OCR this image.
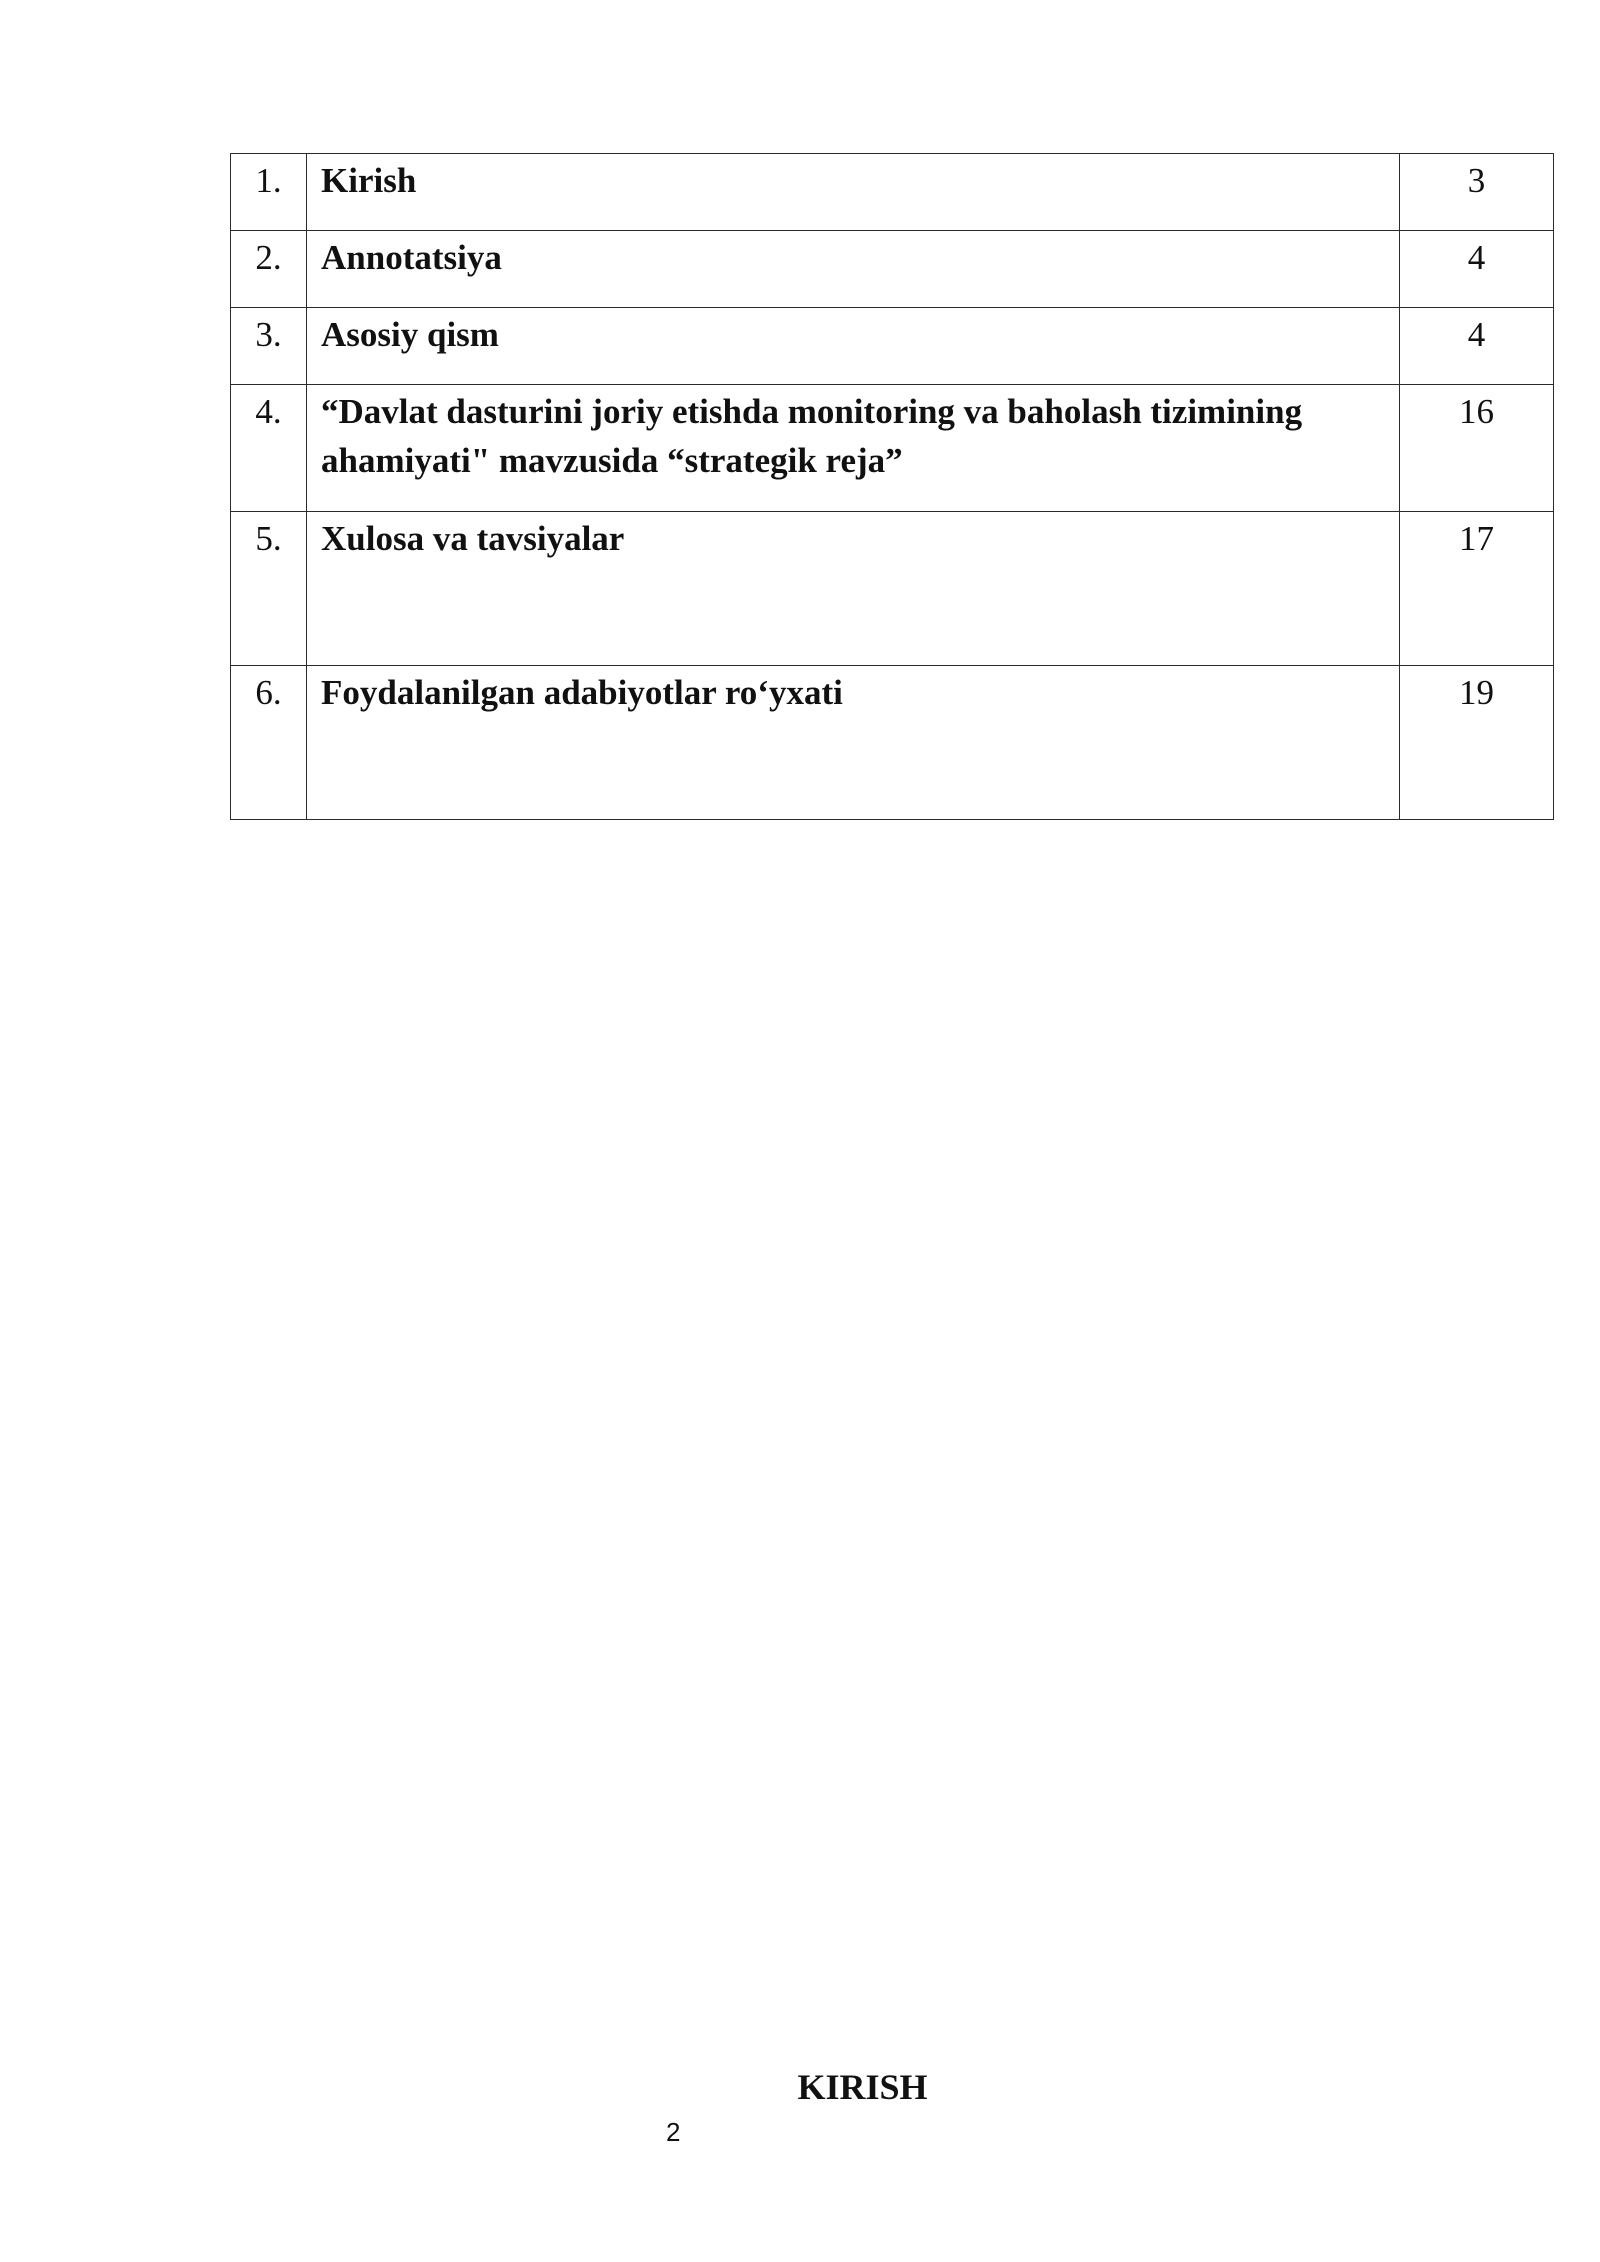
1.	Kirish	3

2.	Annotatsiya	4

3.	Asosiy qism	4

4.	“Davlat dasturini joriy etishda monitoring va baholash tizimining ahamiyati" mavzusida “strategik reja”	16

5.	Xulosa va tavsiyalar	17

6.	Foydalanilgan adabiyotlar ro‘yxati	19
KIRISH
2
